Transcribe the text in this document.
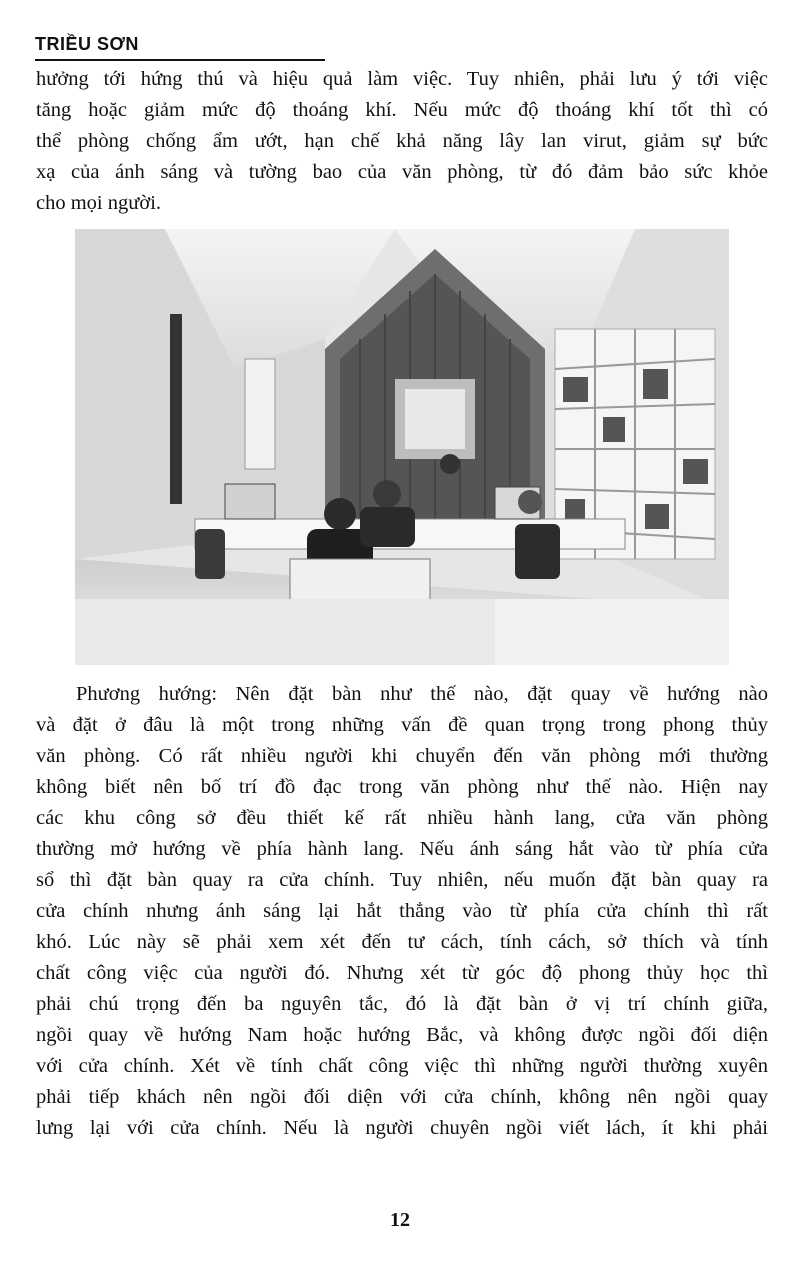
TRIỀU SƠN
hưởng tới hứng thú và hiệu quả làm việc. Tuy nhiên, phải lưu ý tới việc
tăng hoặc giảm mức độ thoáng khí. Nếu mức độ thoáng khí tốt thì có
thể phòng chống ẩm ướt, hạn chế khả năng lây lan virut, giảm sự bức
xạ của ánh sáng và tường bao của văn phòng, từ đó đảm bảo sức khỏe
cho mọi người.
Phương hướng: Nên đặt bàn như thế nào, đặt quay về hướng nào
và đặt ở đâu là một trong những vấn đề quan trọng trong phong thủy
văn phòng. Có rất nhiều người khi chuyển đến văn phòng mới thường
không biết nên bố trí đồ đạc trong văn phòng như thế nào. Hiện nay
các khu công sở đều thiết kế rất nhiều hành lang, cửa văn phòng
thường mở hướng về phía hành lang. Nếu ánh sáng hắt vào từ phía cửa
sổ thì đặt bàn quay ra cửa chính. Tuy nhiên, nếu muốn đặt bàn quay ra
cửa chính nhưng ánh sáng lại hắt thẳng vào từ phía cửa chính thì rất
khó. Lúc này sẽ phải xem xét đến tư cách, tính cách, sở thích và tính
chất công việc của người đó. Nhưng xét từ góc độ phong thủy học thì
phải chú trọng đến ba nguyên tắc, đó là đặt bàn ở vị trí chính giữa,
ngồi quay về hướng Nam hoặc hướng Bắc, và không được ngồi đối diện
với cửa chính. Xét về tính chất công việc thì những người thường xuyên
phải tiếp khách nên ngồi đối diện với cửa chính, không nên ngồi quay
lưng lại với cửa chính. Nếu là người chuyên ngồi viết lách, ít khi phải
12
